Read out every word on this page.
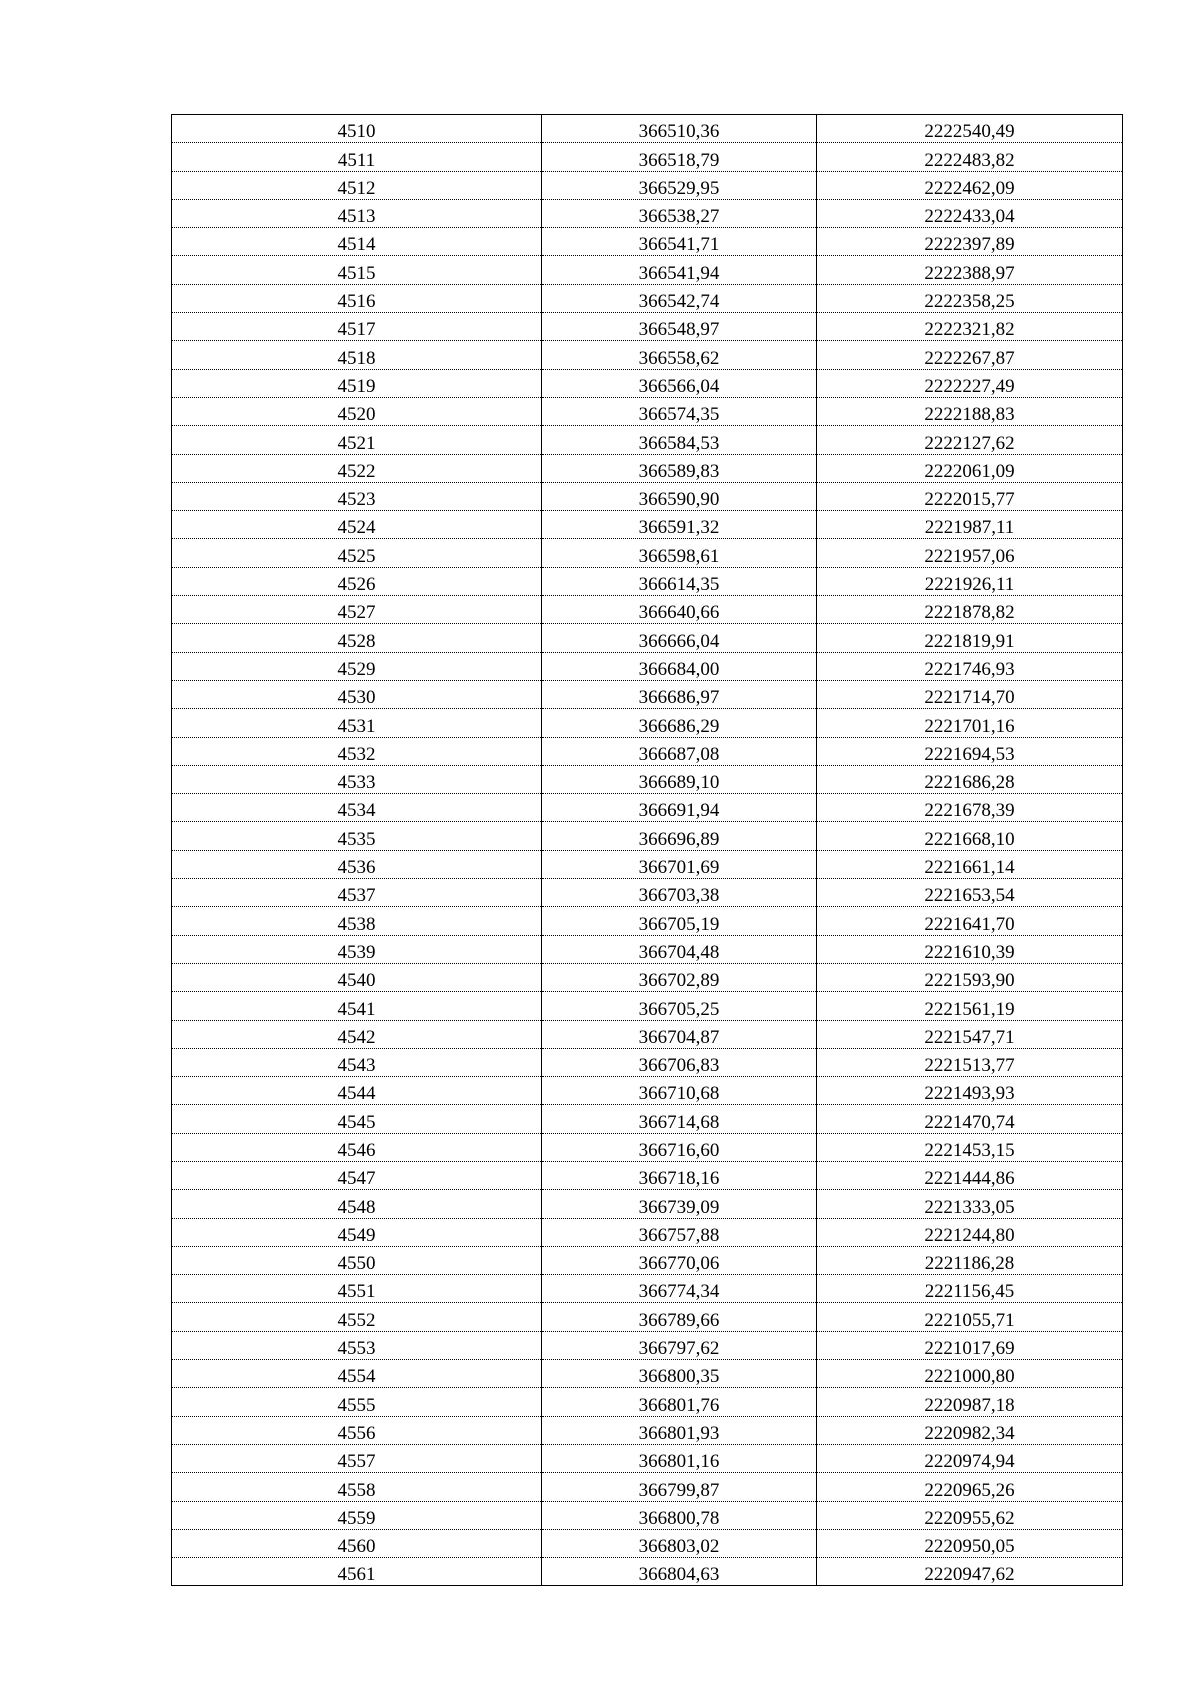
4510	366510,36	2222540,49
4511	366518,79	2222483,82
4512	366529,95	2222462,09
4513	366538,27	2222433,04
4514	366541,71	2222397,89
4515	366541,94	2222388,97
4516	366542,74	2222358,25
4517	366548,97	2222321,82
4518	366558,62	2222267,87
4519	366566,04	2222227,49
4520	366574,35	2222188,83
4521	366584,53	2222127,62
4522	366589,83	2222061,09
4523	366590,90	2222015,77
4524	366591,32	2221987,11
4525	366598,61	2221957,06
4526	366614,35	2221926,11
4527	366640,66	2221878,82
4528	366666,04	2221819,91
4529	366684,00	2221746,93
4530	366686,97	2221714,70
4531	366686,29	2221701,16
4532	366687,08	2221694,53
4533	366689,10	2221686,28
4534	366691,94	2221678,39
4535	366696,89	2221668,10
4536	366701,69	2221661,14
4537	366703,38	2221653,54
4538	366705,19	2221641,70
4539	366704,48	2221610,39
4540	366702,89	2221593,90
4541	366705,25	2221561,19
4542	366704,87	2221547,71
4543	366706,83	2221513,77
4544	366710,68	2221493,93
4545	366714,68	2221470,74
4546	366716,60	2221453,15
4547	366718,16	2221444,86
4548	366739,09	2221333,05
4549	366757,88	2221244,80
4550	366770,06	2221186,28
4551	366774,34	2221156,45
4552	366789,66	2221055,71
4553	366797,62	2221017,69
4554	366800,35	2221000,80
4555	366801,76	2220987,18
4556	366801,93	2220982,34
4557	366801,16	2220974,94
4558	366799,87	2220965,26
4559	366800,78	2220955,62
4560	366803,02	2220950,05
4561	366804,63	2220947,62
